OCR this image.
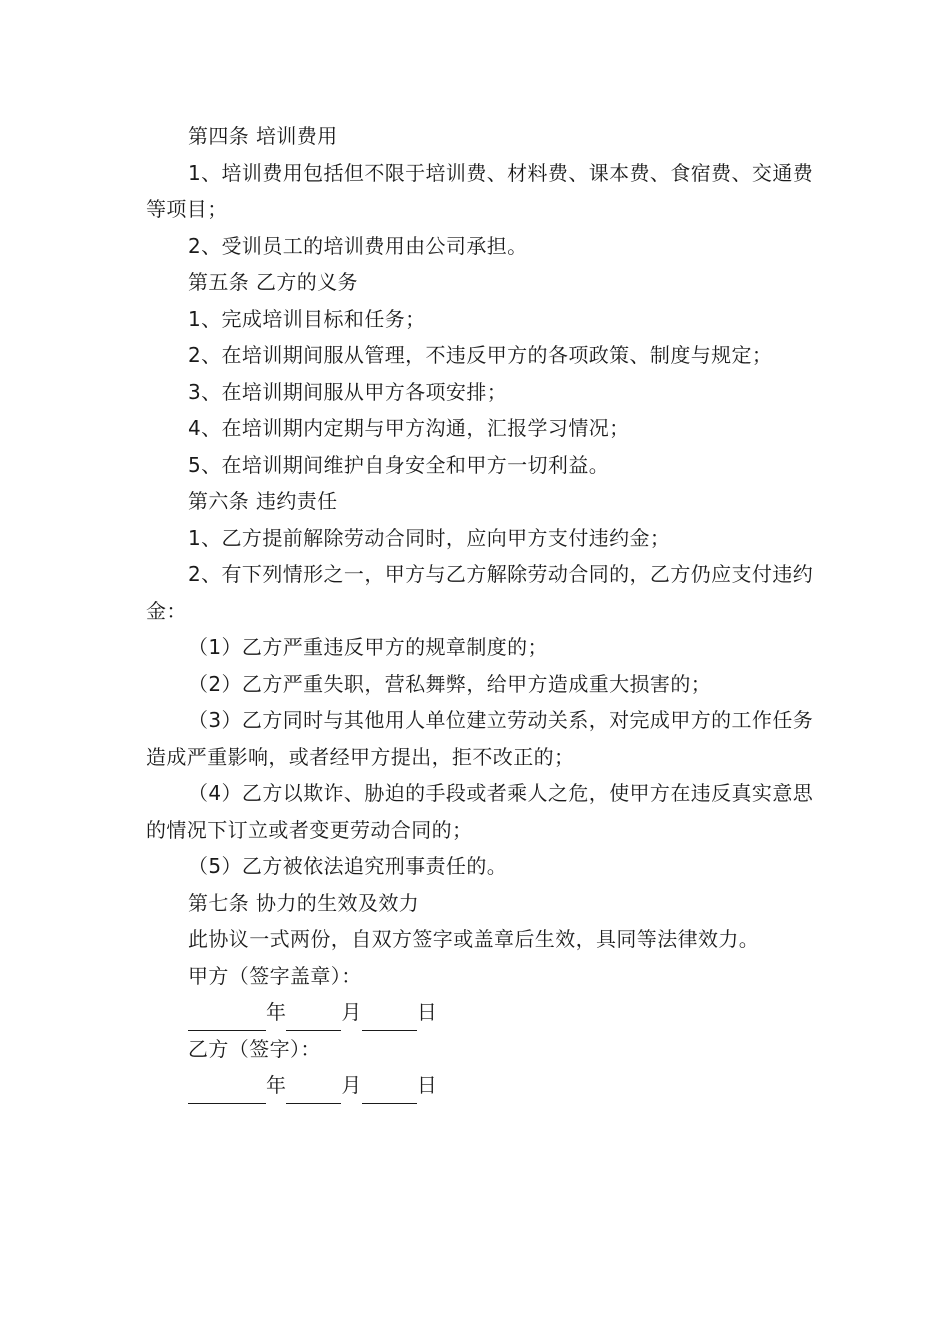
第四条 培训费用
1、培训费用包括但不限于培训费、材料费、课本费、食宿费、交通费等项目；
2、受训员工的培训费用由公司承担。
第五条 乙方的义务
1、完成培训目标和任务；
2、在培训期间服从管理，不违反甲方的各项政策、制度与规定；
3、在培训期间服从甲方各项安排；
4、在培训期内定期与甲方沟通，汇报学习情况；
5、在培训期间维护自身安全和甲方一切利益。
第六条 违约责任
1、乙方提前解除劳动合同时，应向甲方支付违约金；
2、有下列情形之一，甲方与乙方解除劳动合同的，乙方仍应支付违约金：
（1）乙方严重违反甲方的规章制度的；
（2）乙方严重失职，营私舞弊，给甲方造成重大损害的；
（3）乙方同时与其他用人单位建立劳动关系，对完成甲方的工作任务造成严重影响，或者经甲方提出，拒不改正的；
（4）乙方以欺诈、胁迫的手段或者乘人之危，使甲方在违反真实意思的情况下订立或者变更劳动合同的；
（5）乙方被依法追究刑事责任的。
第七条 协力的生效及效力
此协议一式两份，自双方签字或盖章后生效，具同等法律效力。
甲方（签字盖章）：
年	月	日
乙方（签字）：
年	月	日
